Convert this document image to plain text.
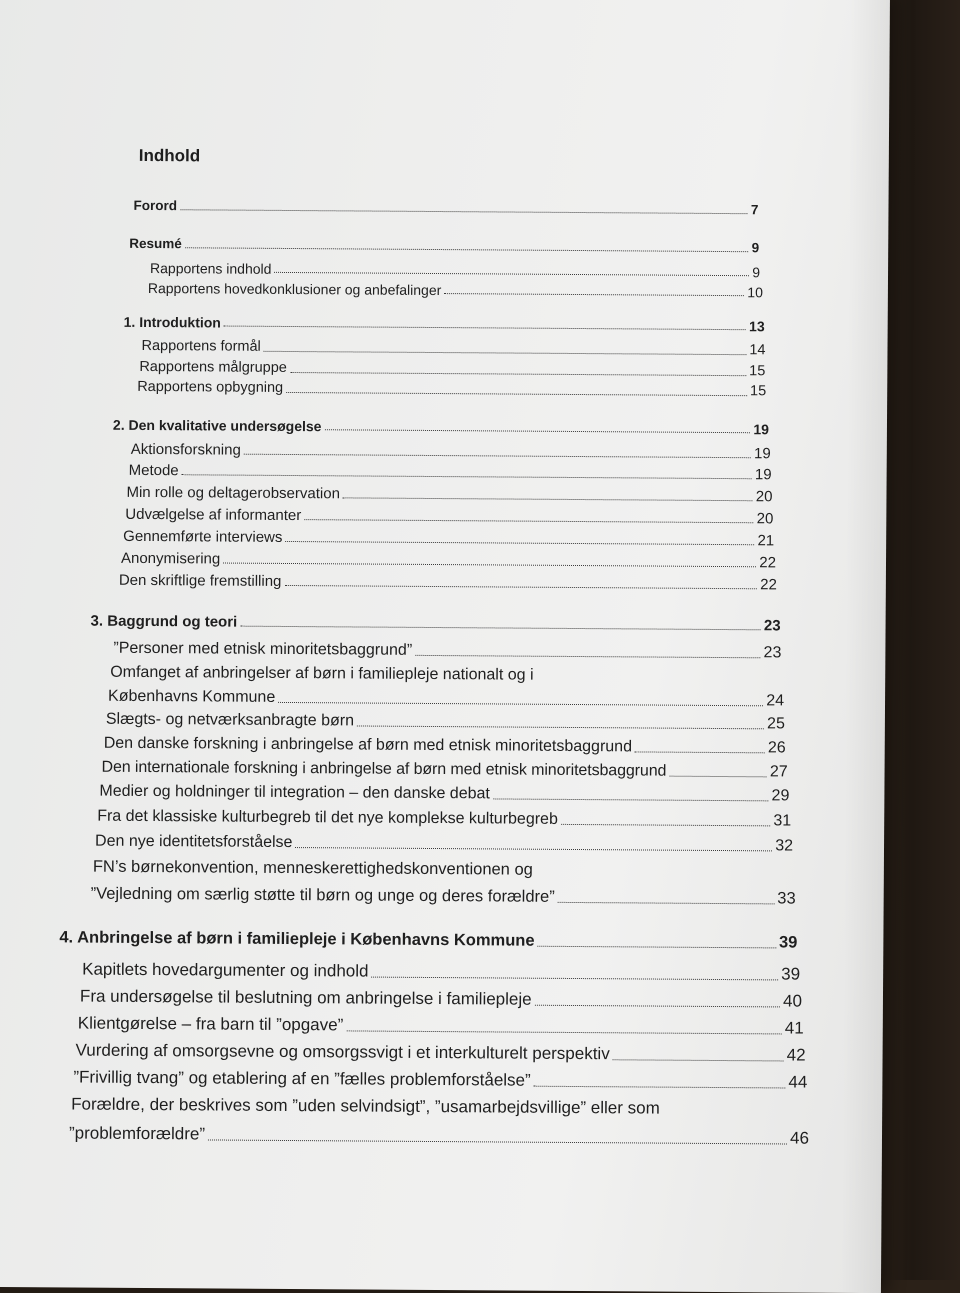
Indhold
Forord	7
Resumé	9
Rapportens indhold	9
Rapportens hovedkonklusioner og anbefalinger	10
1. Introduktion	13
Rapportens formål	14
Rapportens målgruppe	15
Rapportens opbygning	15
2. Den kvalitative undersøgelse	19
Aktionsforskning	19
Metode	19
Min rolle og deltagerobservation	20
Udvælgelse af informanter	20
Gennemførte interviews	21
Anonymisering	22
Den skriftlige fremstilling	22
3. Baggrund og teori	23
”Personer med etnisk minoritetsbaggrund”	23
Omfanget af anbringelser af børn i familiepleje nationalt og i
Københavns Kommune	24
Slægts- og netværksanbragte børn	25
Den danske forskning i anbringelse af børn med etnisk minoritetsbaggrund	26
Den internationale forskning i anbringelse af børn med etnisk minoritetsbaggrund	27
Medier og holdninger til integration – den danske debat	29
Fra det klassiske kulturbegreb til det nye komplekse kulturbegreb	31
Den nye identitetsforståelse	32
FN’s børnekonvention, menneskerettighedskonventionen og
”Vejledning om særlig støtte til børn og unge og deres forældre”	33
4. Anbringelse af børn i familiepleje i Københavns Kommune	39
Kapitlets hovedargumenter og indhold	39
Fra undersøgelse til beslutning om anbringelse i familiepleje	40
Klientgørelse – fra barn til ”opgave”	41
Vurdering af omsorgsevne og omsorgssvigt i et interkulturelt perspektiv	42
”Frivillig tvang” og etablering af en ”fælles problemforståelse”	44
Forældre, der beskrives som ”uden selvindsigt”, ”usamarbejdsvillige” eller som
”problemforældre”	46
